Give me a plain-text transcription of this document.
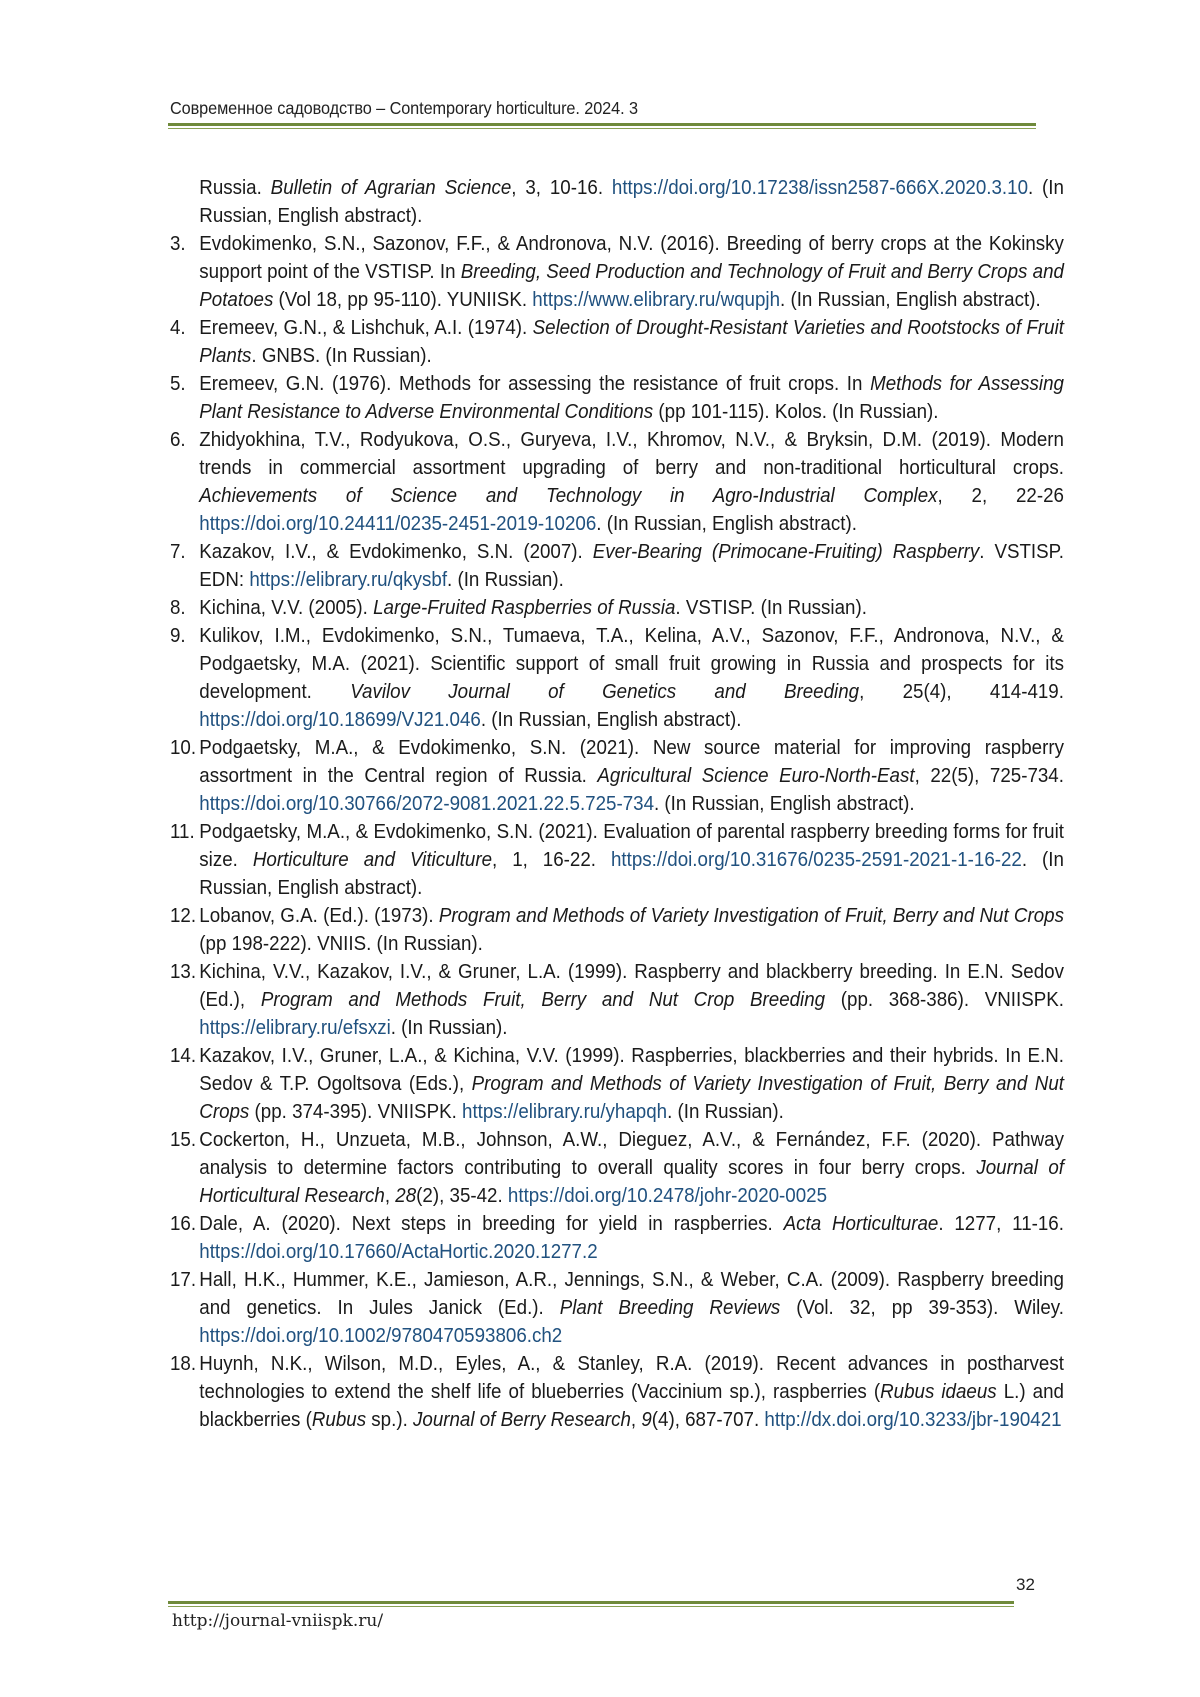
Современное садоводство – Contemporary horticulture. 2024. 3
Russia. Bulletin of Agrarian Science, 3, 10-16. https://doi.org/10.17238/issn2587-666X.2020.3.10. (In Russian, English abstract).
3. Evdokimenko, S.N., Sazonov, F.F., & Andronova, N.V. (2016). Breeding of berry crops at the Kokinsky support point of the VSTISP. In Breeding, Seed Production and Technology of Fruit and Berry Crops and Potatoes (Vol 18, pp 95-110). YUNIISK. https://www.elibrary.ru/wqupjh. (In Russian, English abstract).
4. Eremeev, G.N., & Lishchuk, A.I. (1974). Selection of Drought-Resistant Varieties and Rootstocks of Fruit Plants. GNBS. (In Russian).
5. Eremeev, G.N. (1976). Methods for assessing the resistance of fruit crops. In Methods for Assessing Plant Resistance to Adverse Environmental Conditions (pp 101-115). Kolos. (In Russian).
6. Zhidyokhina, T.V., Rodyukova, O.S., Guryeva, I.V., Khromov, N.V., & Bryksin, D.M. (2019). Modern trends in commercial assortment upgrading of berry and non-traditional horticultural crops. Achievements of Science and Technology in Agro-Industrial Complex, 2, 22-26 https://doi.org/10.24411/0235-2451-2019-10206. (In Russian, English abstract).
7. Kazakov, I.V., & Evdokimenko, S.N. (2007). Ever-Bearing (Primocane-Fruiting) Raspberry. VSTISP. EDN: https://elibrary.ru/qkysbf. (In Russian).
8. Kichina, V.V. (2005). Large-Fruited Raspberries of Russia. VSTISP. (In Russian).
9. Kulikov, I.M., Evdokimenko, S.N., Tumaeva, T.A., Kelina, A.V., Sazonov, F.F., Andronova, N.V., & Podgaetsky, M.A. (2021). Scientific support of small fruit growing in Russia and prospects for its development. Vavilov Journal of Genetics and Breeding, 25(4), 414-419. https://doi.org/10.18699/VJ21.046. (In Russian, English abstract).
10. Podgaetsky, M.A., & Evdokimenko, S.N. (2021). New source material for improving raspberry assortment in the Central region of Russia. Agricultural Science Euro-North-East, 22(5), 725-734. https://doi.org/10.30766/2072-9081.2021.22.5.725-734. (In Russian, English abstract).
11. Podgaetsky, M.A., & Evdokimenko, S.N. (2021). Evaluation of parental raspberry breeding forms for fruit size. Horticulture and Viticulture, 1, 16-22. https://doi.org/10.31676/0235-2591-2021-1-16-22. (In Russian, English abstract).
12. Lobanov, G.A. (Ed.). (1973). Program and Methods of Variety Investigation of Fruit, Berry and Nut Crops (pp 198-222). VNIIS. (In Russian).
13. Kichina, V.V., Kazakov, I.V., & Gruner, L.A. (1999). Raspberry and blackberry breeding. In E.N. Sedov (Ed.), Program and Methods Fruit, Berry and Nut Crop Breeding (pp. 368-386). VNIISPK. https://elibrary.ru/efsxzi. (In Russian).
14. Kazakov, I.V., Gruner, L.A., & Kichina, V.V. (1999). Raspberries, blackberries and their hybrids. In E.N. Sedov & T.P. Ogoltsova (Eds.), Program and Methods of Variety Investigation of Fruit, Berry and Nut Crops (pp. 374-395). VNIISPK. https://elibrary.ru/yhapqh. (In Russian).
15. Cockerton, H., Unzueta, M.B., Johnson, A.W., Dieguez, A.V., & Fernández, F.F. (2020). Pathway analysis to determine factors contributing to overall quality scores in four berry crops. Journal of Horticultural Research, 28(2), 35-42. https://doi.org/10.2478/johr-2020-0025
16. Dale, A. (2020). Next steps in breeding for yield in raspberries. Acta Horticulturae. 1277, 11-16. https://doi.org/10.17660/ActaHortic.2020.1277.2
17. Hall, H.K., Hummer, K.E., Jamieson, A.R., Jennings, S.N., & Weber, C.A. (2009). Raspberry breeding and genetics. In Jules Janick (Ed.). Plant Breeding Reviews (Vol. 32, pp 39-353). Wiley. https://doi.org/10.1002/9780470593806.ch2
18. Huynh, N.K., Wilson, M.D., Eyles, A., & Stanley, R.A. (2019). Recent advances in postharvest technologies to extend the shelf life of blueberries (Vaccinium sp.), raspberries (Rubus idaeus L.) and blackberries (Rubus sp.). Journal of Berry Research, 9(4), 687-707. http://dx.doi.org/10.3233/jbr-190421
32
http://journal-vniispk.ru/
